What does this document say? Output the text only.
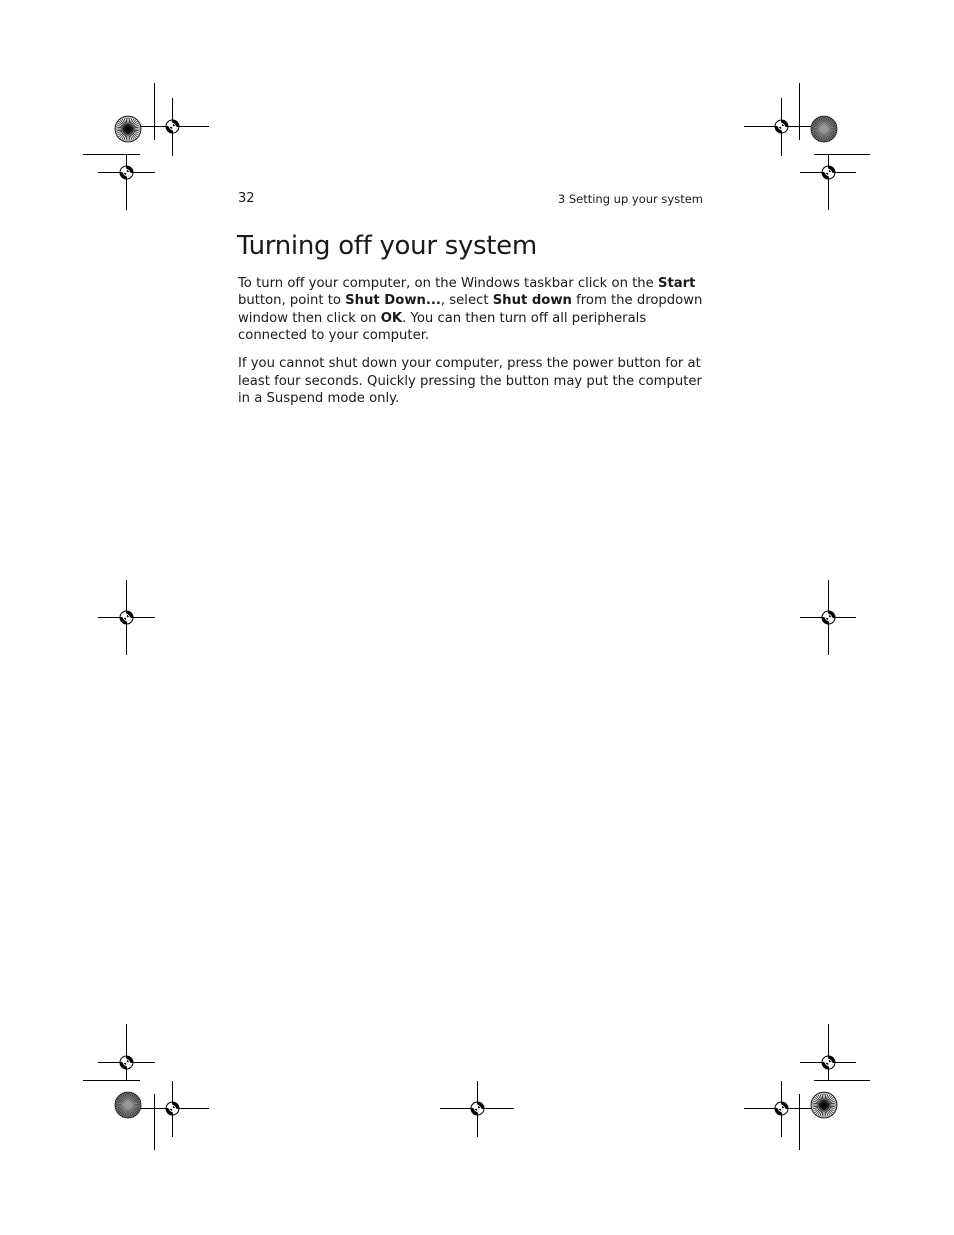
32	3 Setting up your system
Turning off your system

To turn off your computer, on the Windows taskbar click on the Start button, point to Shut Down..., select Shut down from the dropdown window then click on OK. You can then turn off all peripherals connected to your computer.

If you cannot shut down your computer, press the power button for at least four seconds. Quickly pressing the button may put the computer in a Suspend mode only.
